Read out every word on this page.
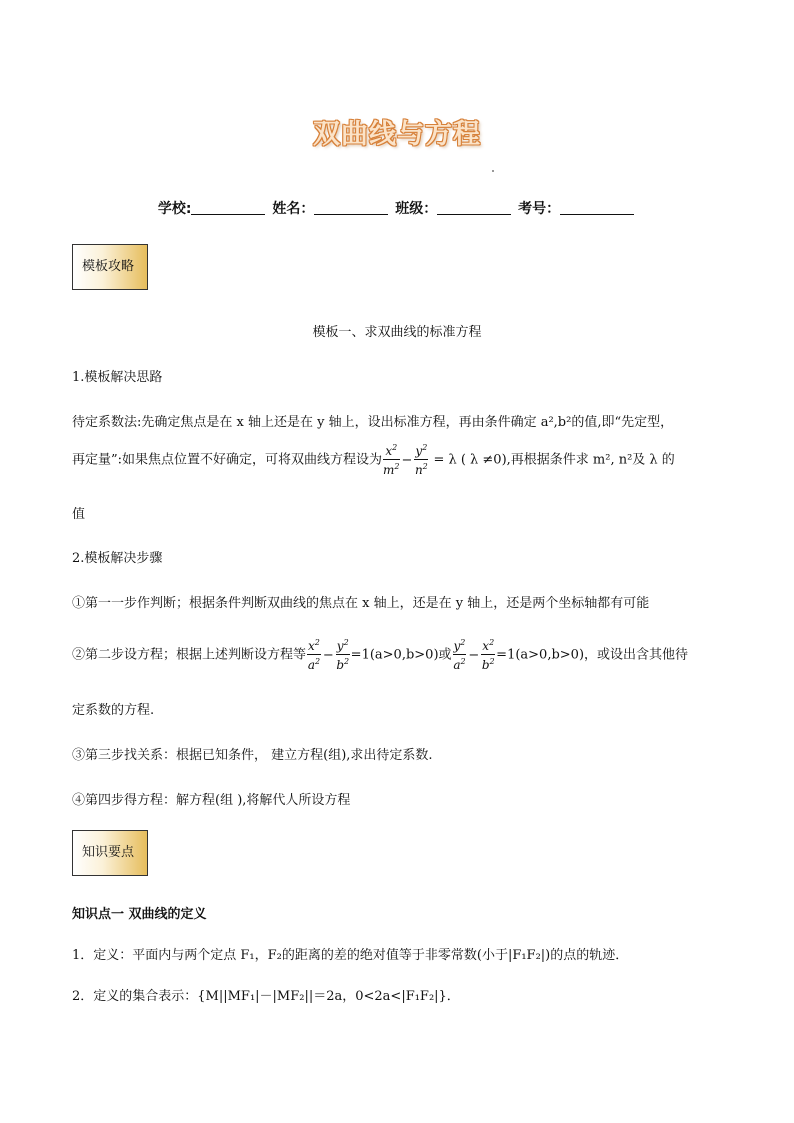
双曲线与方程
学校:	姓名：	班级：	考号：
模板攻略
模板一、求双曲线的标准方程
1.模板解决思路
待定系数法:先确定焦点是在 x 轴上还是在 y 轴上，设出标准方程，再由条件确定 a²,b²的值,即“先定型，
再定量”:如果焦点位置不好确定，可将双曲线方程设为 $\frac{x^2}{m^2} - \frac{y^2}{n^2} = \lambda$ ( λ ≠0),再根据条件求 m², n²及 λ 的
值
2.模板解决步骤
①第一一步作判断；根据条件判断双曲线的焦点在 x 轴上，还是在 y 轴上，还是两个坐标轴都有可能
②第二步设方程；根据上述判断设方程等 $\frac{x^2}{a^2} - \frac{y^2}{b^2} =1(a>0,b>0)$或 $\frac{y^2}{a^2} - \frac{x^2}{b^2} =1(a>0,b>0)$，或设出含其他待
定系数的方程.
③第三步找关系：根据已知条件， 建立方程(组),求出待定系数.
④第四步得方程：解方程(组 ),将解代人所设方程
知识要点
知识点一 双曲线的定义
1．定义：平面内与两个定点 F₁，F₂的距离的差的绝对值等于非零常数(小于|F₁F₂|)的点的轨迹．
2．定义的集合表示：{M||MF₁|－|MF₂||＝2a，0<2a<|F₁F₂|}．
